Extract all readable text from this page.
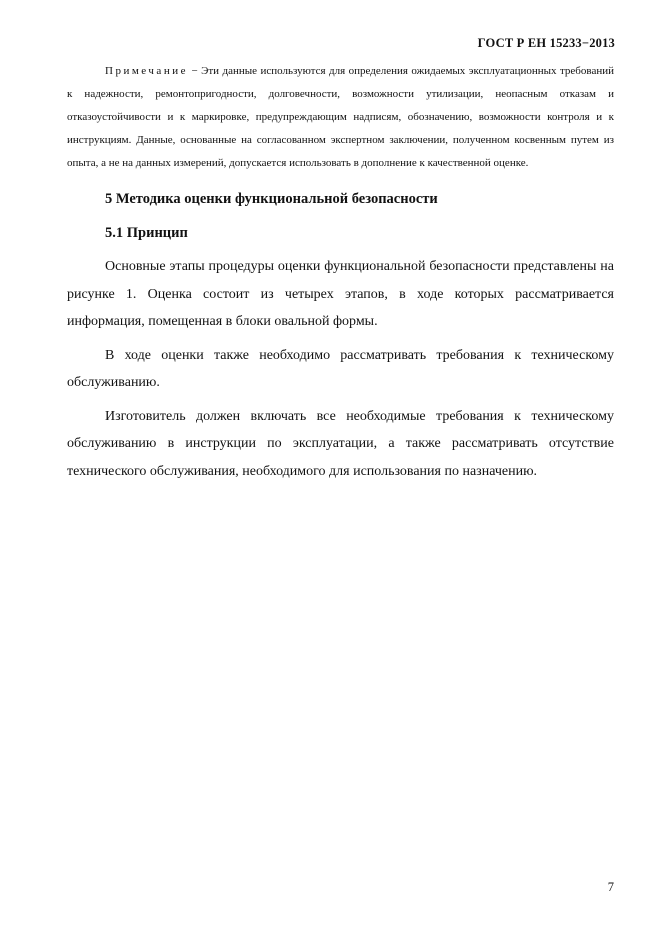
ГОСТ Р ЕН 15233−2013

Примечание − Эти данные используются для определения ожидаемых эксплуатационных требований к надежности, ремонтопригодности, долговечности, возможности утилизации, неопасным отказам и отказоустойчивости и к маркировке, предупреждающим надписям, обозначению, возможности контроля и к инструкциям. Данные, основанные на согласованном экспертном заключении, полученном косвенным путем из опыта, а не на данных измерений, допускается использовать в дополнение к качественной оценке.

5 Методика оценки функциональной безопасности
5.1 Принцип

Основные этапы процедуры оценки функциональной безопасности представлены на рисунке 1. Оценка состоит из четырех этапов, в ходе которых рассматривается информация, помещенная в блоки овальной формы.

В ходе оценки также необходимо рассматривать требования к техническому обслуживанию.

Изготовитель должен включать все необходимые требования к техническому обслуживанию в инструкции по эксплуатации, а также рассматривать отсутствие технического обслуживания, необходимого для использования по назначению.

7
